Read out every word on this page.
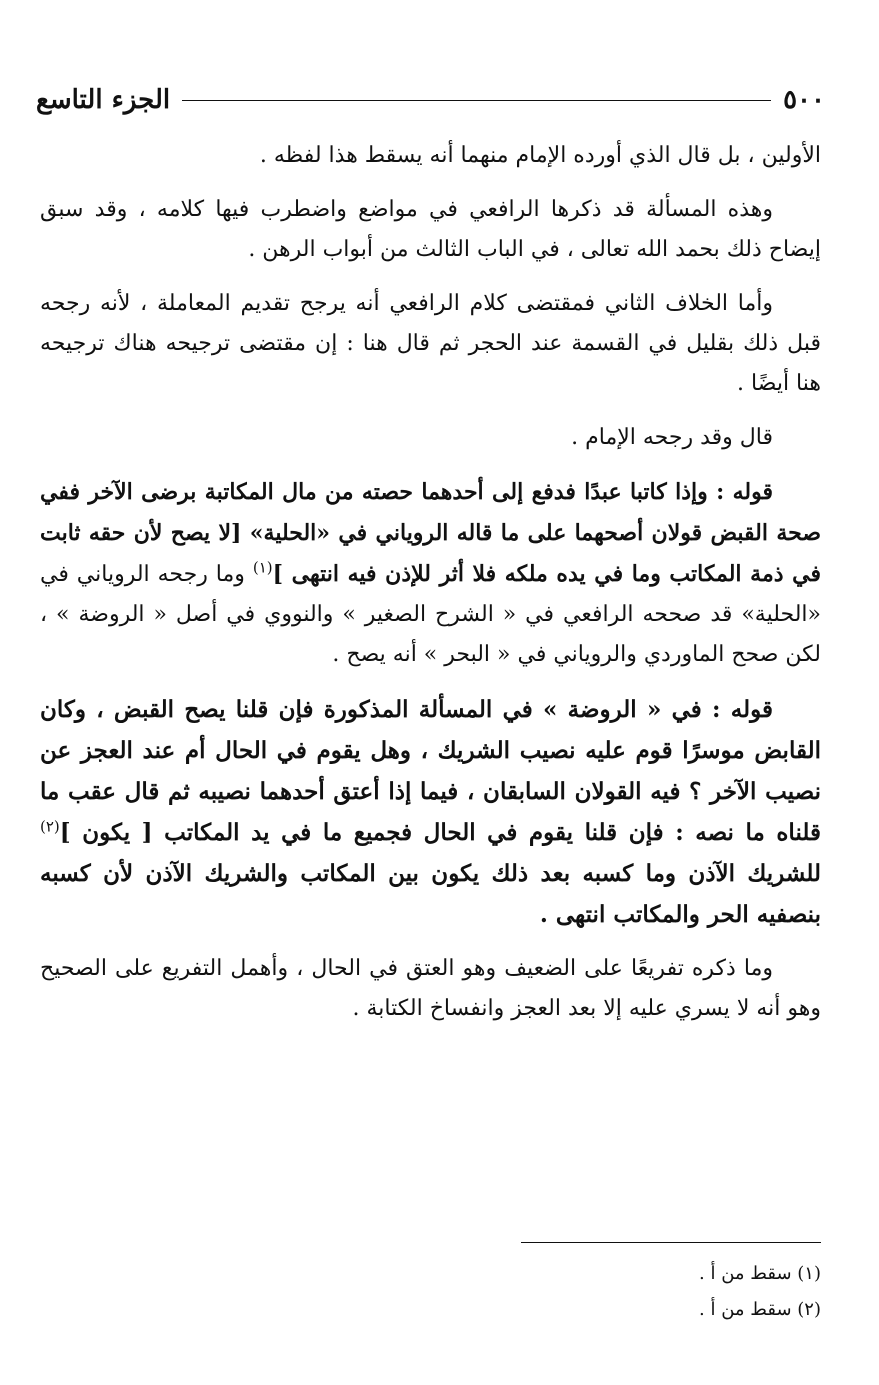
٥٠٠
الجزء التاسع

الأولين ، بل قال الذي أورده الإمام منهما أنه يسقط هذا لفظه .

وهذه المسألة قد ذكرها الرافعي في مواضع واضطرب فيها كلامه ، وقد سبق إيضاح ذلك بحمد الله تعالى ، في الباب الثالث من أبواب الرهن .

وأما الخلاف الثاني فمقتضى كلام الرافعي أنه يرجح تقديم المعاملة ، لأنه رجحه قبل ذلك بقليل في القسمة عند الحجر ثم قال هنا : إن مقتضى ترجيحه هناك ترجيحه هنا أيضًا .

قال وقد رجحه الإمام .

قوله : وإذا كاتبا عبدًا فدفع إلى أحدهما حصته من مال المكاتبة برضى الآخر ففي صحة القبض قولان أصحهما على ما قاله الروياني في «الحلية» [لا يصح لأن حقه ثابت في ذمة المكاتب وما في يده ملكه فلا أثر للإذن فيه انتهى ]$^{(١)}$ وما رجحه الروياني في «الحلية» قد صححه الرافعي في « الشرح الصغير » والنووي في أصل « الروضة » ، لكن صحح الماوردي والروياني في « البحر » أنه يصح .

قوله : في « الروضة » في المسألة المذكورة فإن قلنا يصح القبض ، وكان القابض موسرًا قوم عليه نصيب الشريك ، وهل يقوم في الحال أم عند العجز عن نصيب الآخر ؟ فيه القولان السابقان ، فيما إذا أعتق أحدهما نصيبه ثم قال عقب ما قلناه ما نصه : فإن قلنا يقوم في الحال فجميع ما في يد المكاتب [ يكون ]$^{(٢)}$ للشريك الآذن وما كسبه بعد ذلك يكون بين المكاتب والشريك الآذن لأن كسبه بنصفيه الحر والمكاتب انتهى .

وما ذكره تفريعًا على الضعيف وهو العتق في الحال ، وأهمل التفريع على الصحيح وهو أنه لا يسري عليه إلا بعد العجز وانفساخ الكتابة .

(١) سقط من أ .
(٢) سقط من أ .
